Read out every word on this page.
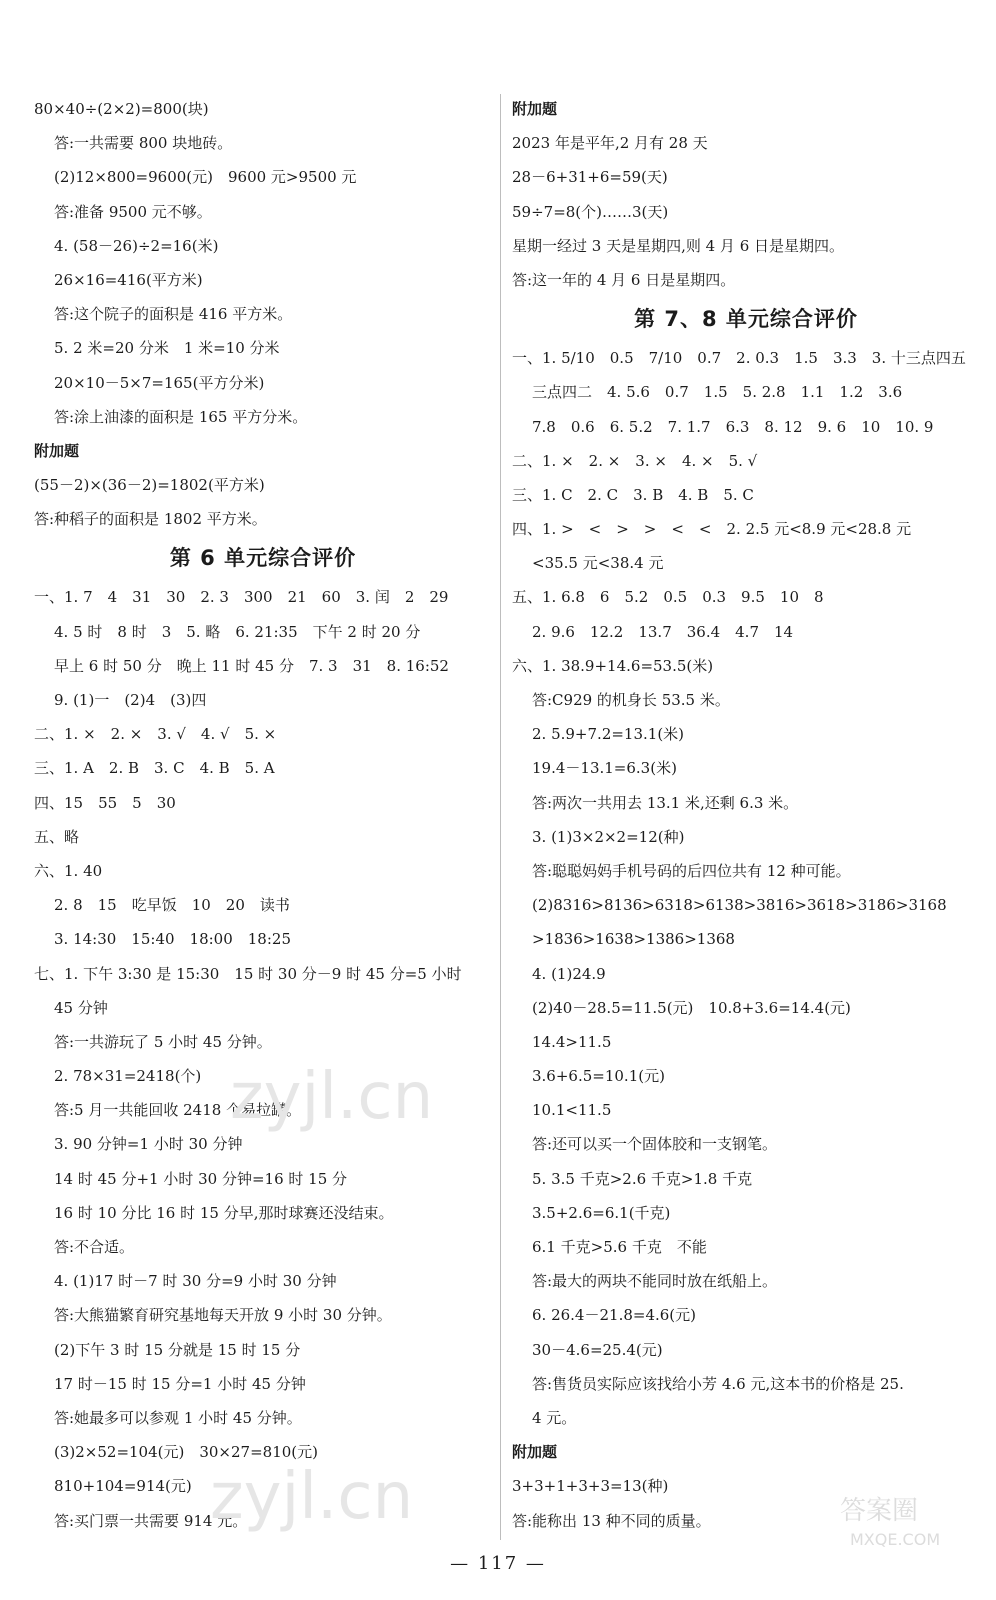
80×40÷(2×2)=800(块)
答:一共需要 800 块地砖。
(2)12×800=9600(元)　9600 元>9500 元
答:准备 9500 元不够。
4. (58－26)÷2=16(米)
26×16=416(平方米)
答:这个院子的面积是 416 平方米。
5. 2 米=20 分米　1 米=10 分米
20×10－5×7=165(平方分米)
答:涂上油漆的面积是 165 平方分米。
附加题
(55－2)×(36－2)=1802(平方米)
答:种稻子的面积是 1802 平方米。
第 6 单元综合评价
一、1. 7　4　31　30　2. 3　300　21　60　3. 闰　2　29
4. 5 时　8 时　3　5. 略　6. 21:35　下午 2 时 20 分
早上 6 时 50 分　晚上 11 时 45 分　7. 3　31　8. 16:52
9. (1)一　(2)4　(3)四
二、1. ×　2. ×　3. √　4. √　5. ×
三、1. A　2. B　3. C　4. B　5. A
四、15　55　5　30
五、略
六、1. 40
2. 8　15　吃早饭　10　20　读书
3. 14:30　15:40　18:00　18:25
七、1. 下午 3:30 是 15:30　15 时 30 分－9 时 45 分=5 小时
45 分钟
答:一共游玩了 5 小时 45 分钟。
2. 78×31=2418(个)
答:5 月一共能回收 2418 个易拉罐。
3. 90 分钟=1 小时 30 分钟
14 时 45 分+1 小时 30 分钟=16 时 15 分
16 时 10 分比 16 时 15 分早,那时球赛还没结束。
答:不合适。
4. (1)17 时－7 时 30 分=9 小时 30 分钟
答:大熊猫繁育研究基地每天开放 9 小时 30 分钟。
(2)下午 3 时 15 分就是 15 时 15 分
17 时－15 时 15 分=1 小时 45 分钟
答:她最多可以参观 1 小时 45 分钟。
(3)2×52=104(元)　30×27=810(元)
810+104=914(元)
答:买门票一共需要 914 元。
附加题
2023 年是平年,2 月有 28 天
28－6+31+6=59(天)
59÷7=8(个)……3(天)
星期一经过 3 天是星期四,则 4 月 6 日是星期四。
答:这一年的 4 月 6 日是星期四。
第 7、8 单元综合评价
一、1. 5/10　0.5　7/10　0.7　2. 0.3　1.5　3.3　3. 十三点四五
三点四二　4. 5.6　0.7　1.5　5. 2.8　1.1　1.2　3.6
7.8　0.6　6. 5.2　7. 1.7　6.3　8. 12　9. 6　10　10. 9
二、1. ×　2. ×　3. ×　4. ×　5. √
三、1. C　2. C　3. B　4. B　5. C
四、1. >　<　>　>　<　<　2. 2.5 元<8.9 元<28.8 元
<35.5 元<38.4 元
五、1. 6.8　6　5.2　0.5　0.3　9.5　10　8
2. 9.6　12.2　13.7　36.4　4.7　14
六、1. 38.9+14.6=53.5(米)
答:C929 的机身长 53.5 米。
2. 5.9+7.2=13.1(米)
19.4－13.1=6.3(米)
答:两次一共用去 13.1 米,还剩 6.3 米。
3. (1)3×2×2=12(种)
答:聪聪妈妈手机号码的后四位共有 12 种可能。
(2)8316>8136>6318>6138>3816>3618>3186>3168
>1836>1638>1386>1368
4. (1)24.9
(2)40－28.5=11.5(元)　10.8+3.6=14.4(元)
14.4>11.5
3.6+6.5=10.1(元)
10.1<11.5
答:还可以买一个固体胶和一支钢笔。
5. 3.5 千克>2.6 千克>1.8 千克
3.5+2.6=6.1(千克)
6.1 千克>5.6 千克　不能
答:最大的两块不能同时放在纸船上。
6. 26.4－21.8=4.6(元)
30－4.6=25.4(元)
答:售货员实际应该找给小芳 4.6 元,这本书的价格是 25.
4 元。
附加题
3+3+1+3+3=13(种)
答:能称出 13 种不同的质量。
zyjl.cn
zyjl.cn	答案圈
MXQE.COM
— 117 —
